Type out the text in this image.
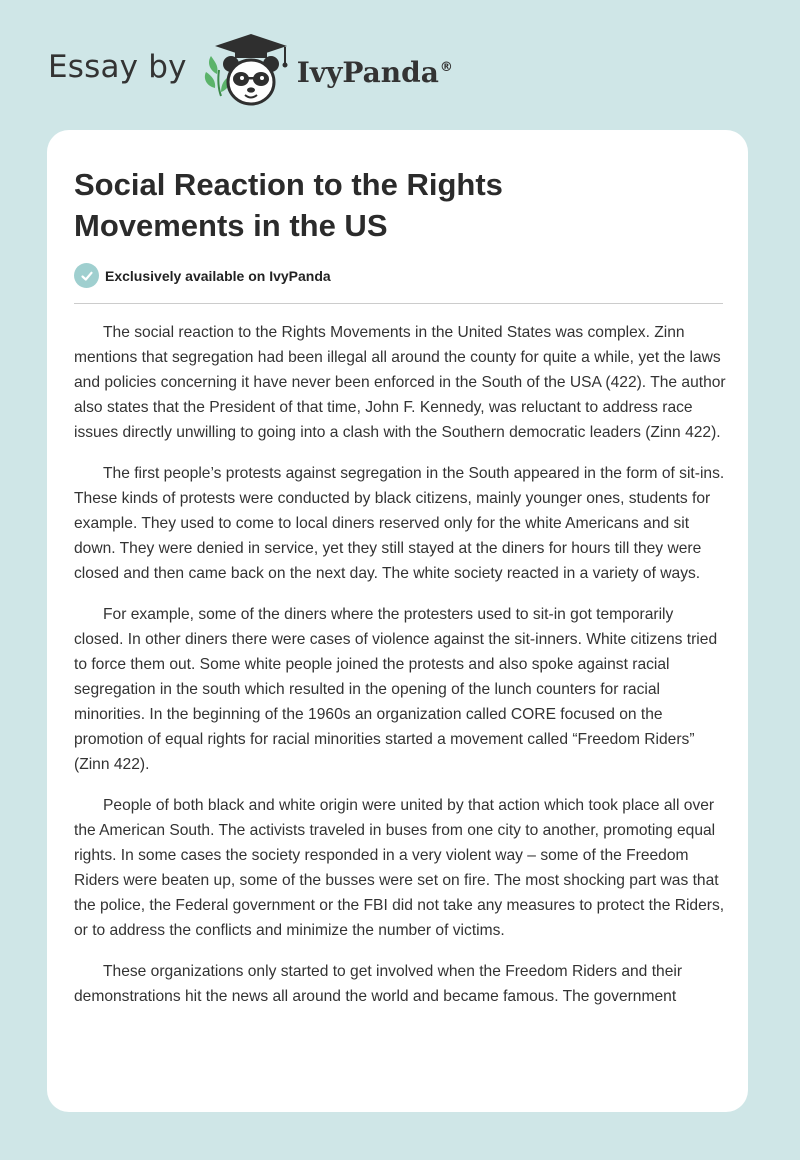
Essay by	IvyPanda®
Social Reaction to the Rights Movements in the US
Exclusively available on IvyPanda

The social reaction to the Rights Movements in the United States was complex. Zinn mentions that segregation had been illegal all around the county for quite a while, yet the laws and policies concerning it have never been enforced in the South of the USA (422). The author also states that the President of that time, John F. Kennedy, was reluctant to address race issues directly unwilling to going into a clash with the Southern democratic leaders (Zinn 422).

The first people’s protests against segregation in the South appeared in the form of sit-ins. These kinds of protests were conducted by black citizens, mainly younger ones, students for example. They used to come to local diners reserved only for the white Americans and sit down. They were denied in service, yet they still stayed at the diners for hours till they were closed and then came back on the next day. The white society reacted in a variety of ways.

For example, some of the diners where the protesters used to sit-in got temporarily closed. In other diners there were cases of violence against the sit-inners. White citizens tried to force them out. Some white people joined the protests and also spoke against racial segregation in the south which resulted in the opening of the lunch counters for racial minorities. In the beginning of the 1960s an organization called CORE focused on the promotion of equal rights for racial minorities started a movement called “Freedom Riders” (Zinn 422).

People of both black and white origin were united by that action which took place all over the American South. The activists traveled in buses from one city to another, promoting equal rights. In some cases the society responded in a very violent way – some of the Freedom Riders were beaten up, some of the busses were set on fire. The most shocking part was that the police, the Federal government or the FBI did not take any measures to protect the Riders, or to address the conflicts and minimize the number of victims.

These organizations only started to get involved when the Freedom Riders and their demonstrations hit the news all around the world and became famous. The government
